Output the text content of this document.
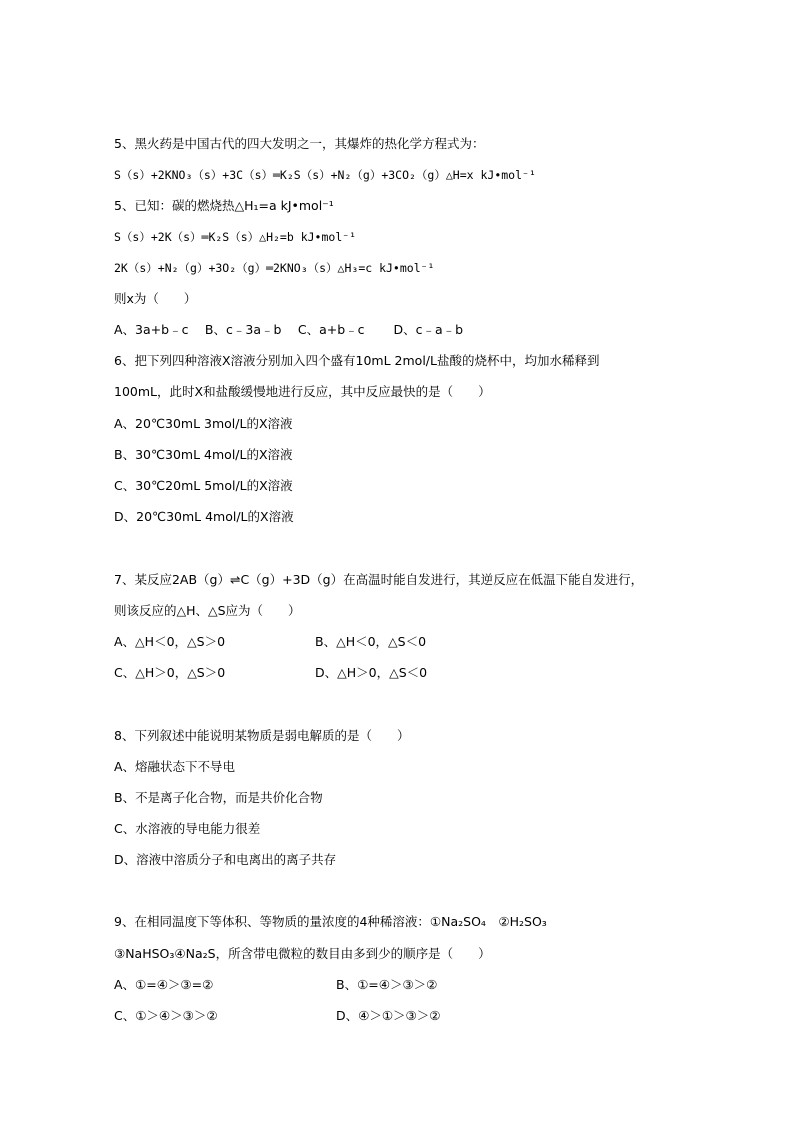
5、黑火药是中国古代的四大发明之一，其爆炸的热化学方程式为：
S（s）+2KNO₃（s）+3C（s）═K₂S（s）+N₂（g）+3CO₂（g）△H=x kJ•mol⁻¹
5、已知：碳的燃烧热△H₁=a kJ•mol⁻¹
S（s）+2K（s）═K₂S（s）△H₂=b kJ•mol⁻¹
2K（s）+N₂（g）+3O₂（g）═2KNO₃（s）△H₃=c kJ•mol⁻¹
则x为（　　）
A、3a+b﹣c　 B、c﹣3a﹣b　 C、a+b﹣c　　 D、c﹣a﹣b
6、把下列四种溶液X溶液分别加入四个盛有10mL 2mol/L盐酸的烧杯中，均加水稀释到
100mL，此时X和盐酸缓慢地进行反应，其中反应最快的是（　　）
A、20℃30mL 3mol/L的X溶液
B、30℃30mL 4mol/L的X溶液
C、30℃20mL 5mol/L的X溶液
D、20℃30mL 4mol/L的X溶液
7、某反应2AB（g）⇌C（g）+3D（g）在高温时能自发进行，其逆反应在低温下能自发进行，
则该反应的△H、△S应为（　　）
A、△H＜0，△S＞0	B、△H＜0，△S＜0
C、△H＞0，△S＞0	D、△H＞0，△S＜0
8、下列叙述中能说明某物质是弱电解质的是（　　）
A、熔融状态下不导电
B、不是离子化合物，而是共价化合物
C、水溶液的导电能力很差
D、溶液中溶质分子和电离出的离子共存
9、在相同温度下等体积、等物质的量浓度的4种稀溶液：①Na₂SO₄　②H₂SO₃
③NaHSO₃④Na₂S，所含带电微粒的数目由多到少的顺序是（　　）
A、①=④＞③=②	B、①=④＞③＞②
C、①＞④＞③＞②	D、④＞①＞③＞②
